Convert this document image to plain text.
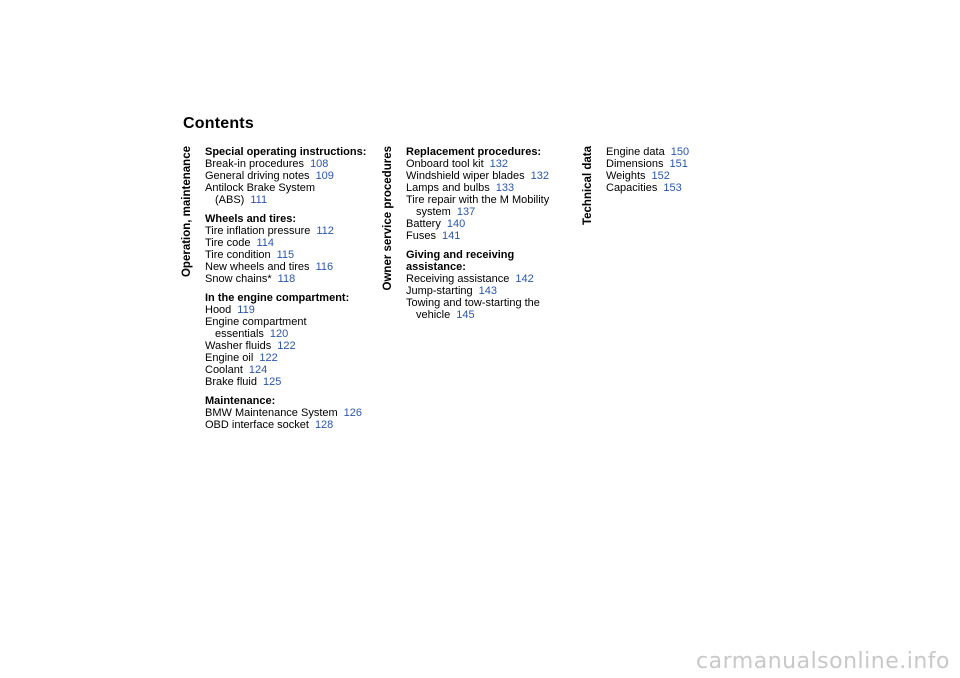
Contents
Operation, maintenance	Owner service procedures	Technical data
Special operating instructions:
Break-in procedures 108
General driving notes 109
Antilock Brake System
(ABS) 111
Wheels and tires:
Tire inflation pressure 112
Tire code 114
Tire condition 115
New wheels and tires 116
Snow chains* 118
In the engine compartment:
Hood 119
Engine compartment
essentials 120
Washer fluids 122
Engine oil 122
Coolant 124
Brake fluid 125
Maintenance:
BMW Maintenance System 126
OBD interface socket 128
Replacement procedures:
Onboard tool kit 132
Windshield wiper blades 132
Lamps and bulbs 133
Tire repair with the M Mobility
system 137
Battery 140
Fuses 141
Giving and receiving assistance:
Receiving assistance 142
Jump-starting 143
Towing and tow-starting the
vehicle 145
Engine data 150
Dimensions 151
Weights 152
Capacities 153
carmanualsonline.info
